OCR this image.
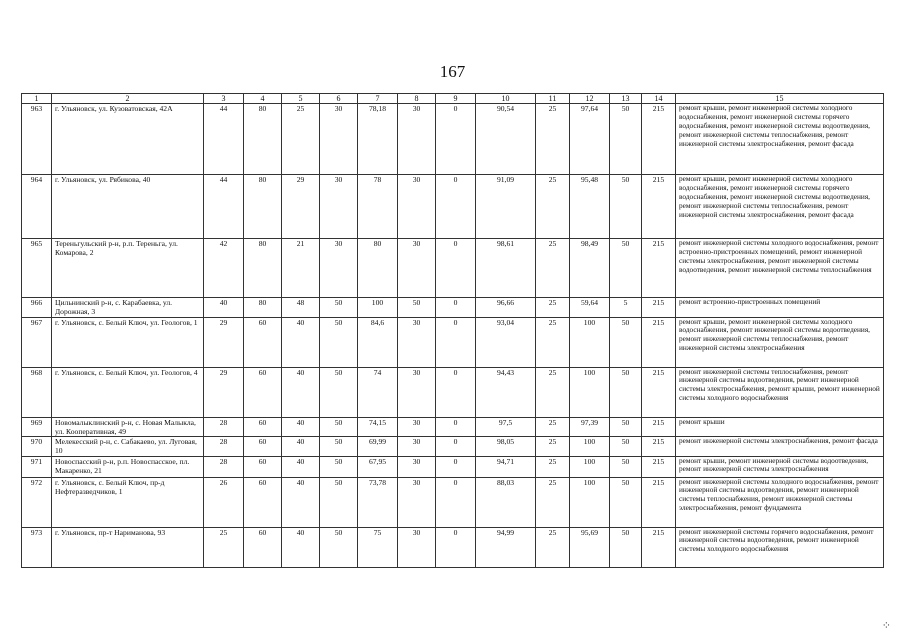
167
1	2	3	4	5	6	7	8	9	10	11	12	13	14	15
963	г. Ульяновск, ул. Кузоватовская, 42А	44	80	25	30	78,18	30	0	90,54	25	97,64	50	215	ремонт крыши, ремонт инженерной системы холодного водоснабжения, ремонт инженерной системы горячего водоснабжения, ремонт инженерной системы водоотведения, ремонт инженерной системы теплоснабжения, ремонт инженерной системы электроснабжения, ремонт фасада
964	г. Ульяновск, ул. Рябикова, 40	44	80	29	30	78	30	0	91,09	25	95,48	50	215	ремонт крыши, ремонт инженерной системы холодного водоснабжения, ремонт инженерной системы горячего водоснабжения, ремонт инженерной системы водоотведения, ремонт инженерной системы теплоснабжения, ремонт инженерной системы электроснабжения, ремонт фасада
965	Тереньгульский р-н, р.п. Тереньга, ул. Комарова, 2	42	80	21	30	80	30	0	98,61	25	98,49	50	215	ремонт инженерной системы холодного водоснабжения, ремонт встроенно-пристроенных помещений, ремонт инженерной системы электроснабжения, ремонт инженерной системы водоотведения, ремонт инженерной системы теплоснабжения
966	Цильнинский р-н, с. Карабаевка, ул. Дорожная, 3	40	80	48	50	100	50	0	96,66	25	59,64	5	215	ремонт встроенно-пристроенных помещений
967	г. Ульяновск, с. Белый Ключ, ул. Геологов, 1	29	60	40	50	84,6	30	0	93,04	25	100	50	215	ремонт крыши, ремонт инженерной системы холодного водоснабжения, ремонт инженерной системы водоотведения, ремонт инженерной системы теплоснабжения, ремонт инженерной системы электроснабжения
968	г. Ульяновск, с. Белый Ключ, ул. Геологов, 4	29	60	40	50	74	30	0	94,43	25	100	50	215	ремонт инженерной системы теплоснабжения, ремонт инженерной системы водоотведения, ремонт инженерной системы электроснабжения, ремонт крыши, ремонт инженерной системы холодного водоснабжения
969	Новомалыклинский р-н, с. Новая Малыкла, ул. Кооперативная, 49	28	60	40	50	74,15	30	0	97,5	25	97,39	50	215	ремонт крыши
970	Мелекесский р-н, с. Сабакаево, ул. Луговая, 10	28	60	40	50	69,99	30	0	98,05	25	100	50	215	ремонт инженерной системы электроснабжения, ремонт фасада
971	Новоспасский р-н, р.п. Новоспасское, пл. Макаренко, 21	28	60	40	50	67,95	30	0	94,71	25	100	50	215	ремонт крыши, ремонт инженерной системы водоотведения, ремонт инженерной системы электроснабжения
972	г. Ульяновск, с. Белый Ключ, пр-д Нефтеразведчиков, 1	26	60	40	50	73,78	30	0	88,03	25	100	50	215	ремонт инженерной системы холодного водоснабжения, ремонт инженерной системы водоотведения, ремонт инженерной системы теплоснабжения, ремонт инженерной системы электроснабжения, ремонт фундамента
973	г. Ульяновск, пр-т Нариманова, 93	25	60	40	50	75	30	0	94,99	25	95,69	50	215	ремонт инженерной системы горячего водоснабжения, ремонт инженерной системы водоотведения, ремонт инженерной системы холодного водоснабжения
⁘
